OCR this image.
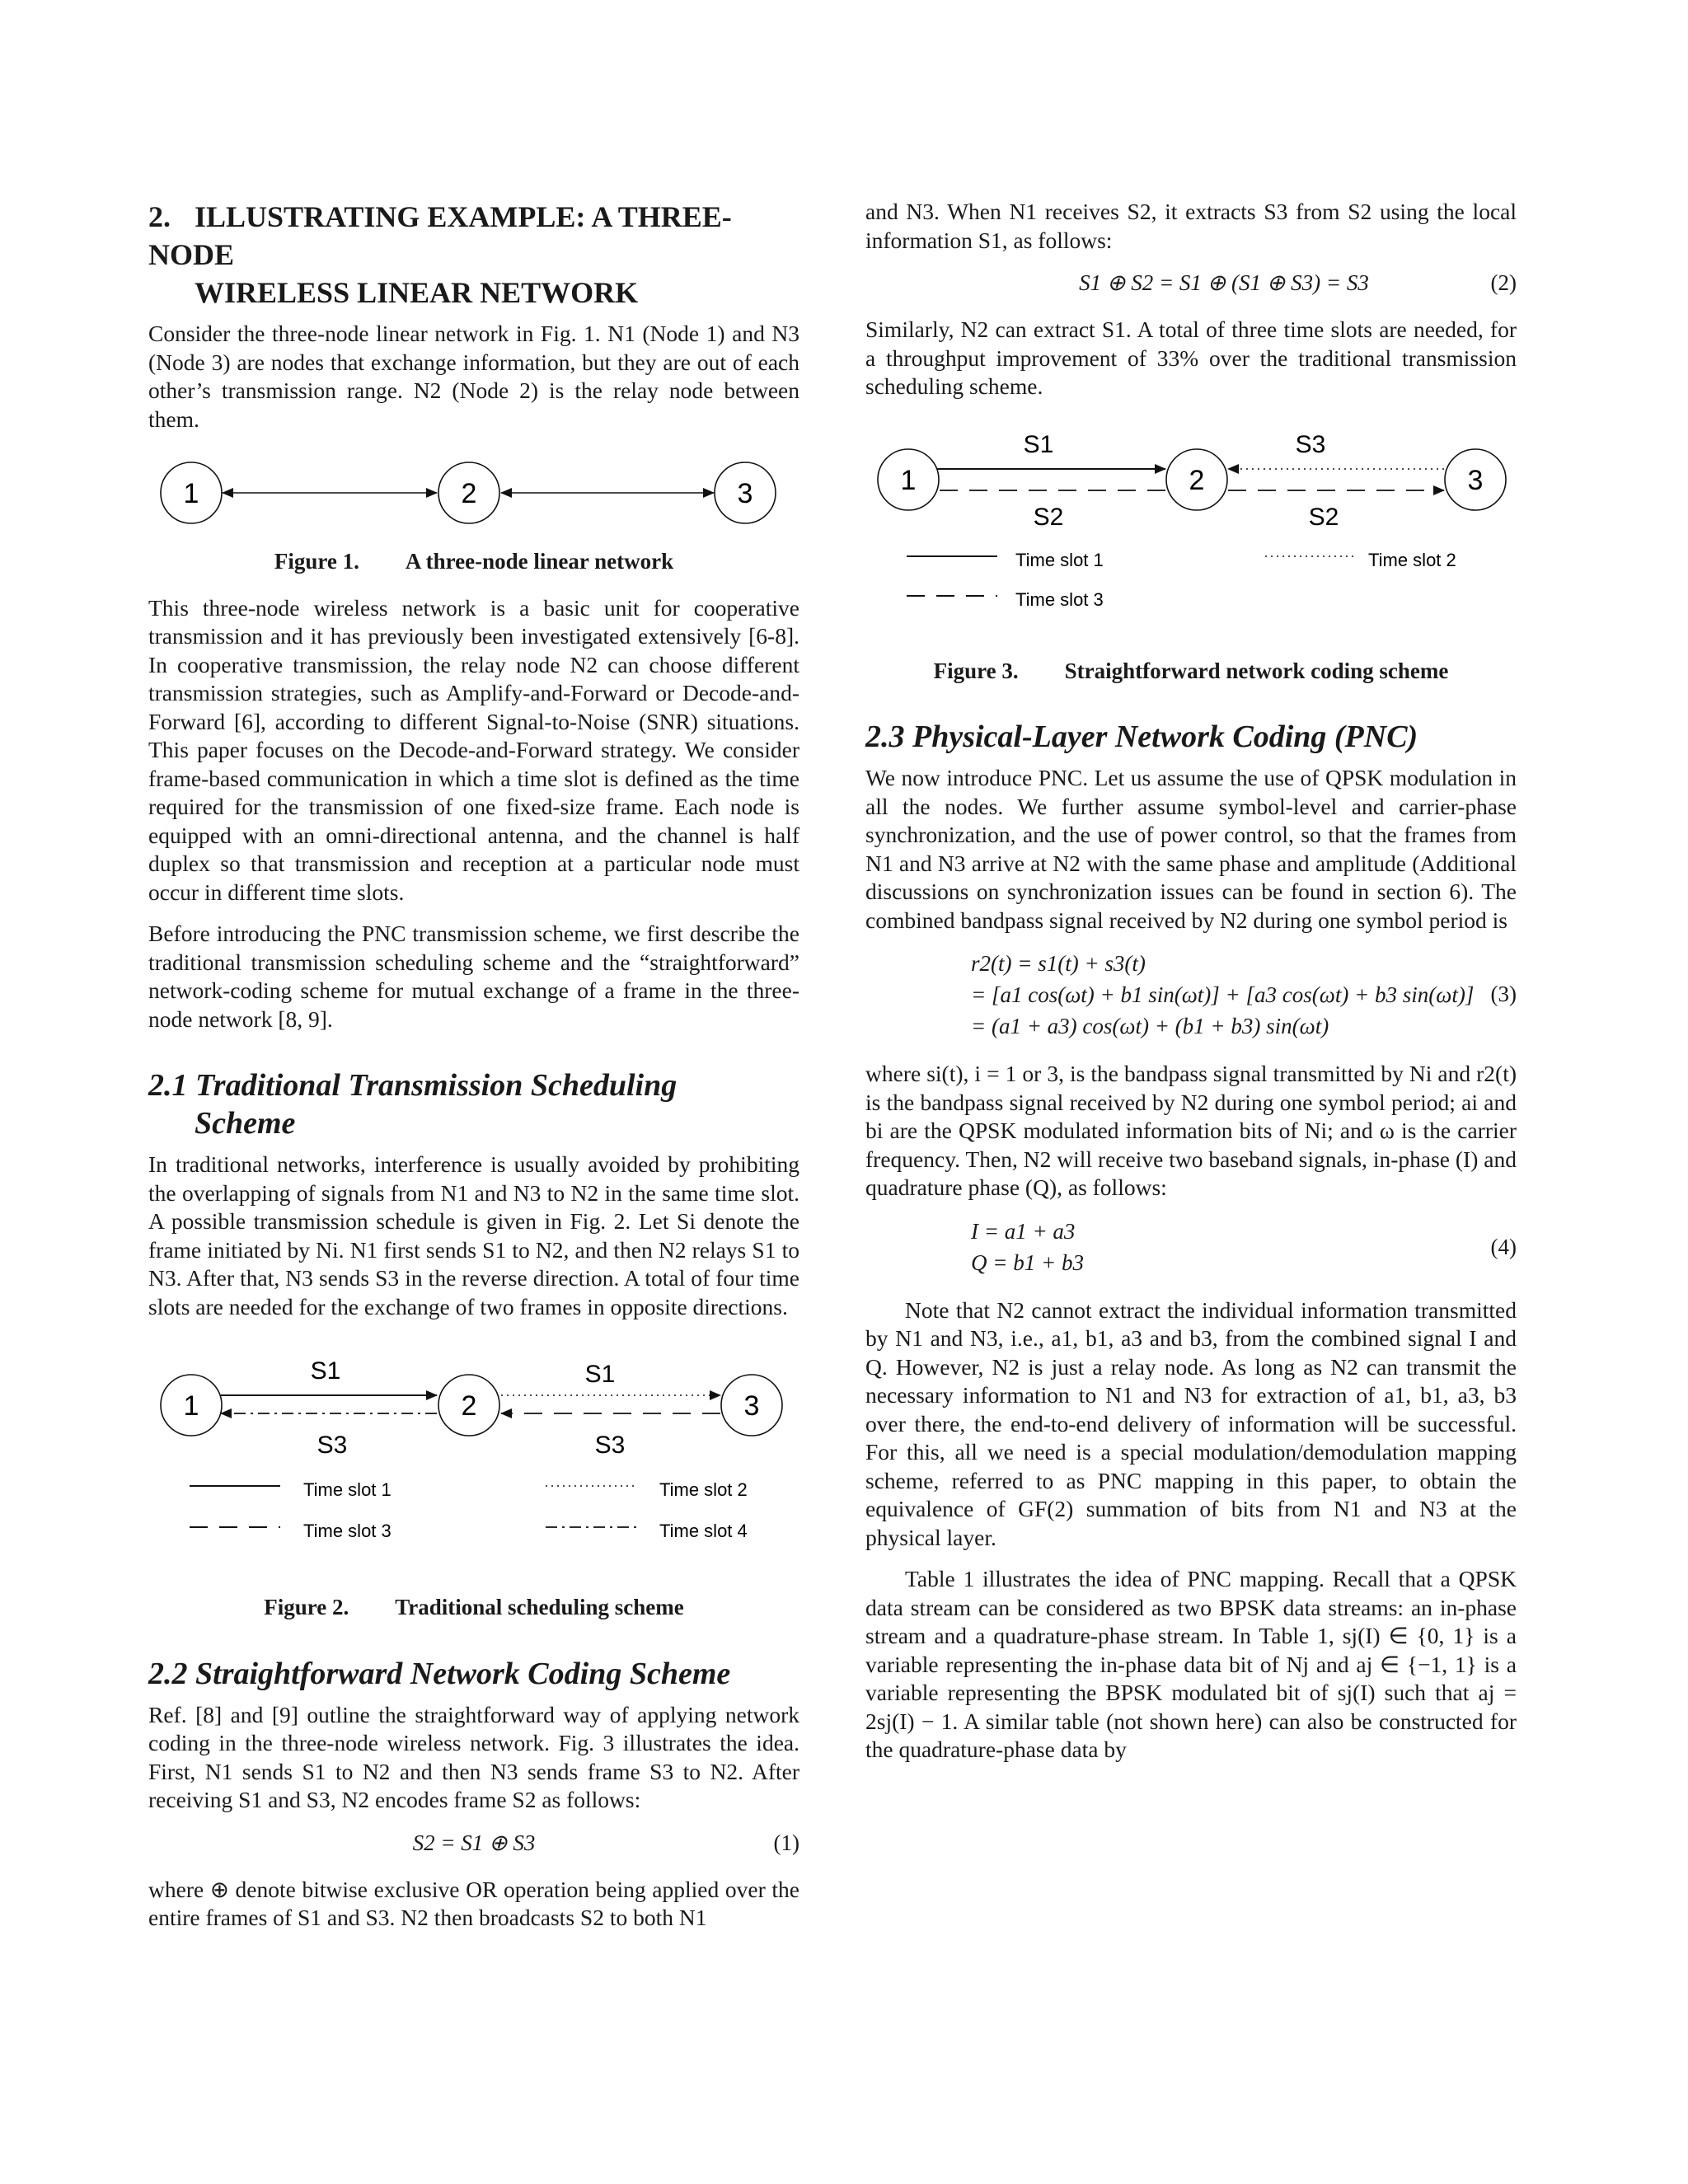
2. ILLUSTRATING EXAMPLE: A THREE-NODE
WIRELESS LINEAR NETWORK

Consider the three-node linear network in Fig. 1. N1 (Node 1) and N3 (Node 3) are nodes that exchange information, but they are out of each other’s transmission range. N2 (Node 2) is the relay node between them.

1	2	3

Figure 1. A three-node linear network

This three-node wireless network is a basic unit for cooperative transmission and it has previously been investigated extensively [6-8]. In cooperative transmission, the relay node N2 can choose different transmission strategies, such as Amplify-and-Forward or Decode-and-Forward [6], according to different Signal-to-Noise (SNR) situations. This paper focuses on the Decode-and-Forward strategy. We consider frame-based communication in which a time slot is defined as the time required for the transmission of one fixed-size frame. Each node is equipped with an omni-directional antenna, and the channel is half duplex so that transmission and reception at a particular node must occur in different time slots.

Before introducing the PNC transmission scheme, we first describe the traditional transmission scheduling scheme and the “straightforward” network-coding scheme for mutual exchange of a frame in the three-node network [8, 9].

2.1 Traditional Transmission Scheduling
Scheme

In traditional networks, interference is usually avoided by prohibiting the overlapping of signals from N1 and N3 to N2 in the same time slot. A possible transmission schedule is given in Fig. 2. Let Si denote the frame initiated by Ni. N1 first sends S1 to N2, and then N2 relays S1 to N3. After that, N3 sends S3 in the reverse direction. A total of four time slots are needed for the exchange of two frames in opposite directions.

1	2	3
S1	S1
S3	S3
Time slot 1	Time slot 2
Time slot 3	Time slot 4

Figure 2. Traditional scheduling scheme

2.2 Straightforward Network Coding Scheme

Ref. [8] and [9] outline the straightforward way of applying network coding in the three-node wireless network. Fig. 3 illustrates the idea. First, N1 sends S1 to N2 and then N3 sends frame S3 to N2. After receiving S1 and S3, N2 encodes frame S2 as follows:

S2 = S1 ⊕ S3	(1)

where ⊕ denote bitwise exclusive OR operation being applied over the entire frames of S1 and S3. N2 then broadcasts S2 to both N1

and N3. When N1 receives S2, it extracts S3 from S2 using the local information S1, as follows:

S1 ⊕ S2 = S1 ⊕ (S1 ⊕ S3) = S3	(2)

Similarly, N2 can extract S1. A total of three time slots are needed, for a throughput improvement of 33% over the traditional transmission scheduling scheme.

1	2	3
S1	S3
S2	S2
Time slot 1	Time slot 2
Time slot 3

Figure 3. Straightforward network coding scheme

2.3 Physical-Layer Network Coding (PNC)

We now introduce PNC. Let us assume the use of QPSK modulation in all the nodes. We further assume symbol-level and carrier-phase synchronization, and the use of power control, so that the frames from N1 and N3 arrive at N2 with the same phase and amplitude (Additional discussions on synchronization issues can be found in section 6). The combined bandpass signal received by N2 during one symbol period is

r2(t) = s1(t) + s3(t)
= [a1 cos(ωt) + b1 sin(ωt)] + [a3 cos(ωt) + b3 sin(ωt)]
= (a1 + a3) cos(ωt) + (b1 + b3) sin(ωt)
(3)

where si(t), i = 1 or 3, is the bandpass signal transmitted by Ni and r2(t) is the bandpass signal received by N2 during one symbol period; ai and bi are the QPSK modulated information bits of Ni; and ω is the carrier frequency. Then, N2 will receive two baseband signals, in-phase (I) and quadrature phase (Q), as follows:

I = a1 + a3
Q = b1 + b3
(4)

Note that N2 cannot extract the individual information transmitted by N1 and N3, i.e., a1, b1, a3 and b3, from the combined signal I and Q. However, N2 is just a relay node. As long as N2 can transmit the necessary information to N1 and N3 for extraction of a1, b1, a3, b3 over there, the end-to-end delivery of information will be successful. For this, all we need is a special modulation/demodulation mapping scheme, referred to as PNC mapping in this paper, to obtain the equivalence of GF(2) summation of bits from N1 and N3 at the physical layer.

Table 1 illustrates the idea of PNC mapping. Recall that a QPSK data stream can be considered as two BPSK data streams: an in-phase stream and a quadrature-phase stream. In Table 1, sj(I) ∈ {0, 1} is a variable representing the in-phase data bit of Nj and aj ∈ {−1, 1} is a variable representing the BPSK modulated bit of sj(I) such that aj = 2sj(I) − 1. A similar table (not shown here) can also be constructed for the quadrature-phase data by
